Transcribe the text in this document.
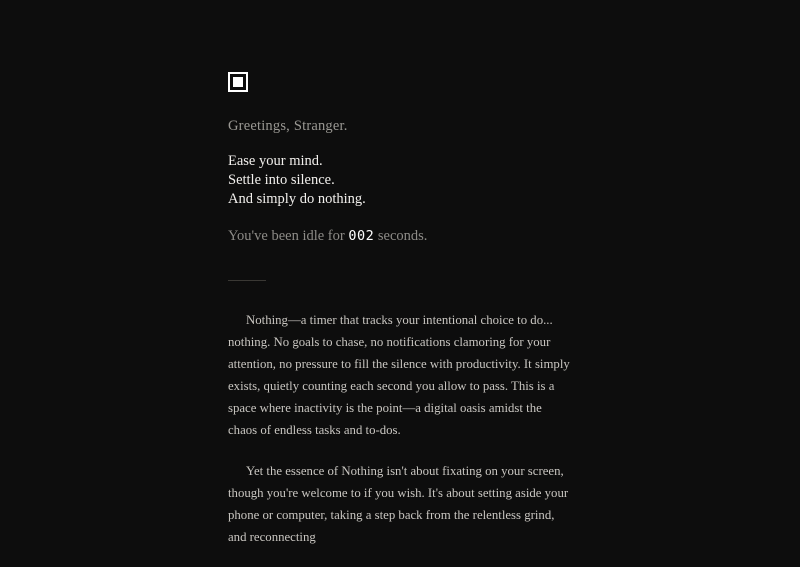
Greetings, Stranger.
Ease your mind.
Settle into silence.
And simply do nothing.
You've been idle for 002 seconds.

Nothing—a timer that tracks your intentional choice to do... nothing. No goals to chase, no notifications clamoring for your attention, no pressure to fill the silence with productivity. It simply exists, quietly counting each second you allow to pass. This is a space where inactivity is the point—a digital oasis amidst the chaos of endless tasks and to-dos.

Yet the essence of Nothing isn't about fixating on your screen, though you're welcome to if you wish. It's about setting aside your phone or computer, taking a step back from the relentless grind, and reconnecting
